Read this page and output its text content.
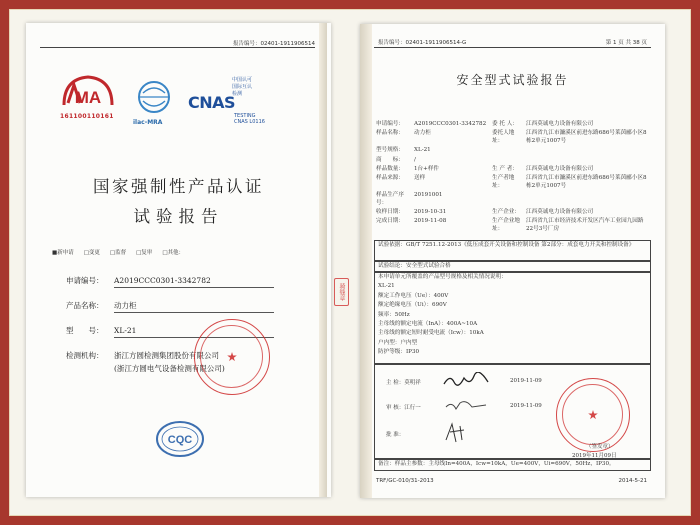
报告编号：02401-1911906514
MA
161100110161
ilac-MRA
CNAS
中国认可
国际互认
检测
TESTING
CNAS L0116
国家强制性产品认证
试验报告
■新申请 □变更 □监督 □复审 □其他：
申请编号： A2019CCC0301-3342782
产品名称： 动力柜
型　　号： XL-21
检测机构： 浙江方圆检测集团股份有限公司
(浙江方圆电气设备检测有限公司)
CQC
骑缝章
报告编号：02401-1911906514-G	第 1 页 共 38 页
安全型式试验报告
申请编号：	A2019CCC0301-3342782	委 托 人：	江西莫诚电力设备有限公司
样品名称：	动力柜	委托人地址：	江西省九江市濂溪区前进东路686号莱茵郦小区8栋2单元1007号
型号规格：	XL-21		
商　　标：	/		
样品数量：	1台+样件	生 产 者：	江西莫诚电力设备有限公司
样品来源：	送样	生产者地址：	江西省九江市濂溪区前进东路686号莱茵郦小区8栋2单元1007号
样品生产序号：	20191001		
收样日期：	2019-10-31	生产企业：	江西莫诚电力设备有限公司
完成日期：	2019-11-08	生产企业地址：	江西省九江市经济技术开发区汽车工业园九园路22号3号厂房
试验依据：GB/T 7251.12-2013《低压成套开关设备和控制设备 第2部分：成套电力开关和控制设备》
试验结论：安全型式试验合格
本申请单元所覆盖的产品型号规格及相关情况说明：
XL-21
额定工作电压（Ue）：400V
额定绝缘电压（Ui）：690V
频率：50Hz
主母线的额定电流（InA）：400A~10A
主母线的额定短时耐受电流（Icw）：10kA
户内型：户内型
防护等级：IP30
主 检：莫明祥	2019-11-09
审 核：江行一	2019-11-09
批 准：
（签发章）
2019年11月09日
备注：样品主参数：主母线In=400A，Icw=10kA，Ue=400V，Ui=690V，50Hz，IP30。
TRF/GC-010/31-2013	2014-5-21
